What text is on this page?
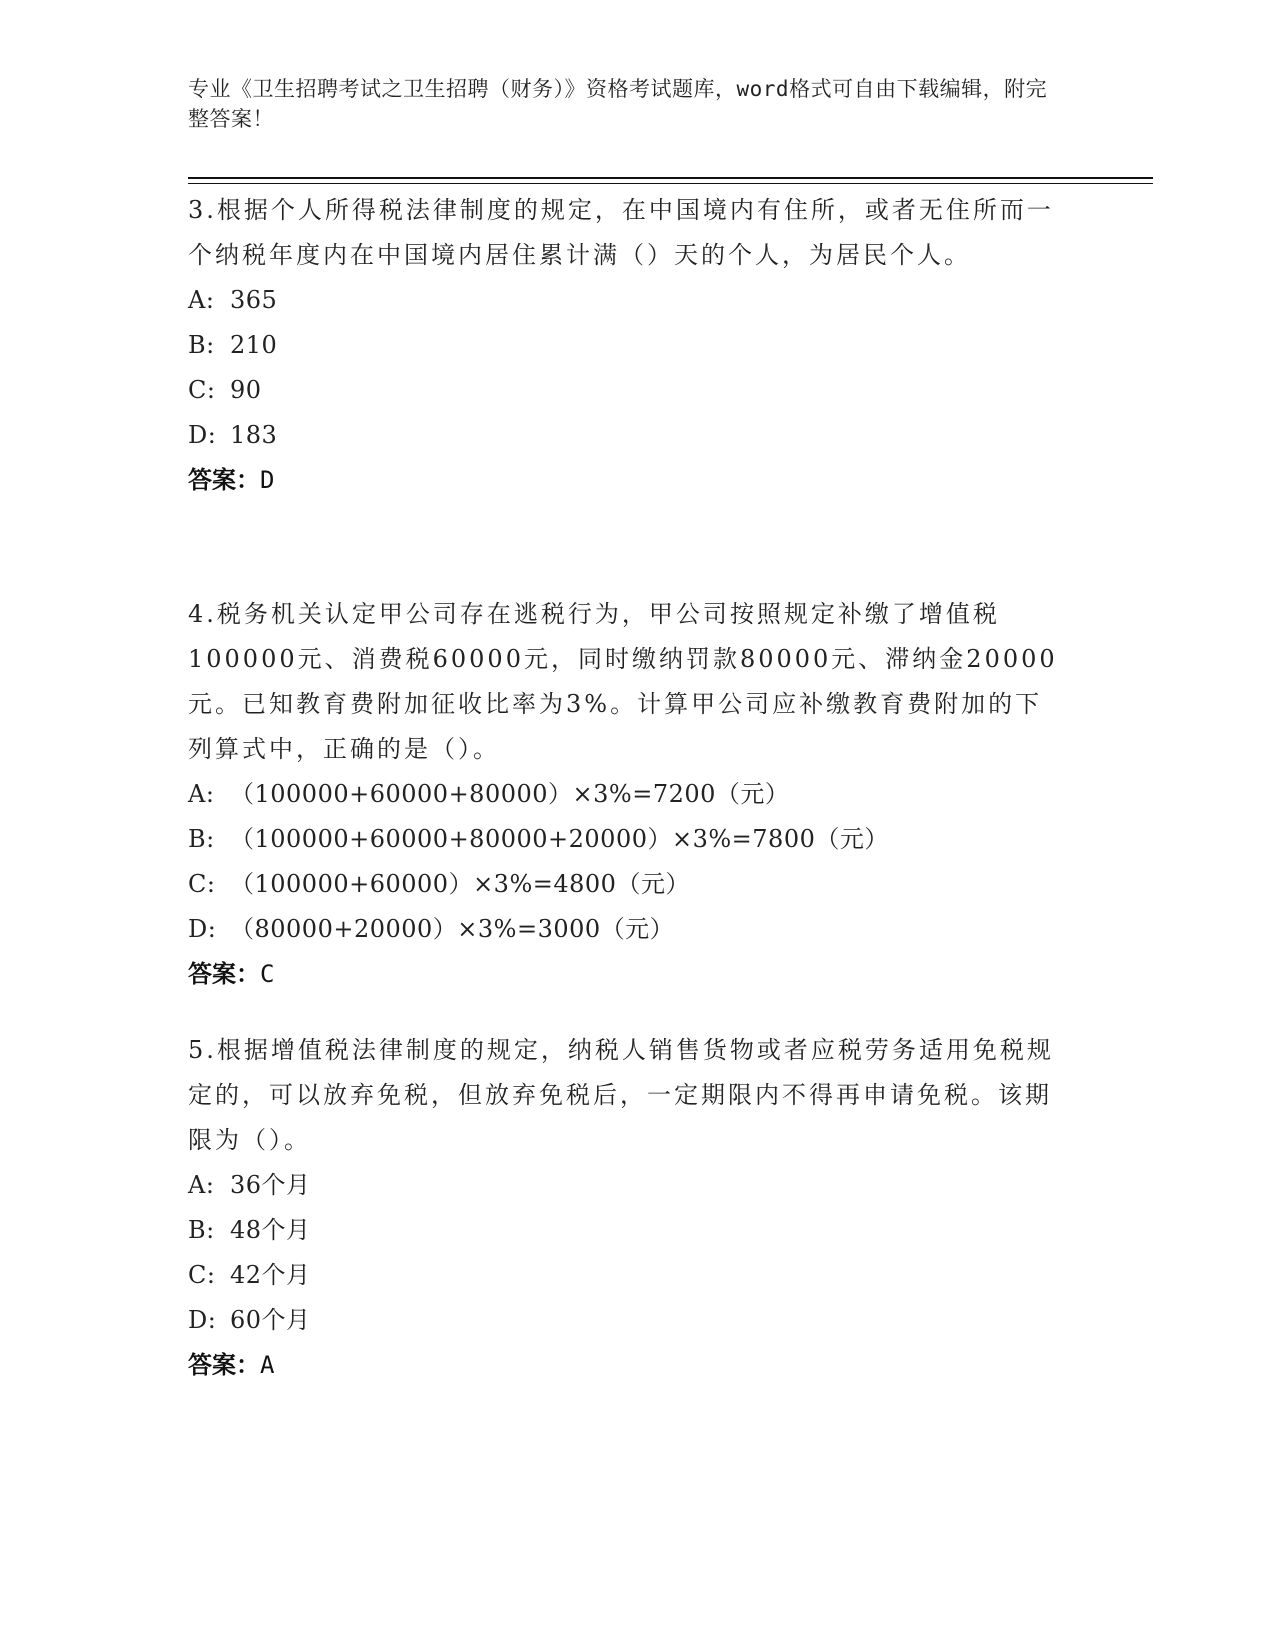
专业《卫生招聘考试之卫生招聘（财务）》资格考试题库，word格式可自由下载编辑，附完整答案！

3.根据个人所得税法律制度的规定，在中国境内有住所，或者无住所而一个纳税年度内在中国境内居住累计满（）天的个人，为居民个人。

A: 365

B: 210

C: 90

D: 183

答案：D

4.税务机关认定甲公司存在逃税行为，甲公司按照规定补缴了增值税100000元、消费税60000元，同时缴纳罚款80000元、滞纳金20000元。已知教育费附加征收比率为3%。计算甲公司应补缴教育费附加的下列算式中，正确的是（）。

A: （100000+60000+80000）×3%=7200（元）

B: （100000+60000+80000+20000）×3%=7800（元）

C: （100000+60000）×3%=4800（元）

D: （80000+20000）×3%=3000（元）

答案：C

5.根据增值税法律制度的规定，纳税人销售货物或者应税劳务适用免税规定的，可以放弃免税，但放弃免税后，一定期限内不得再申请免税。该期限为（）。

A: 36个月

B: 48个月

C: 42个月

D: 60个月

答案：A
